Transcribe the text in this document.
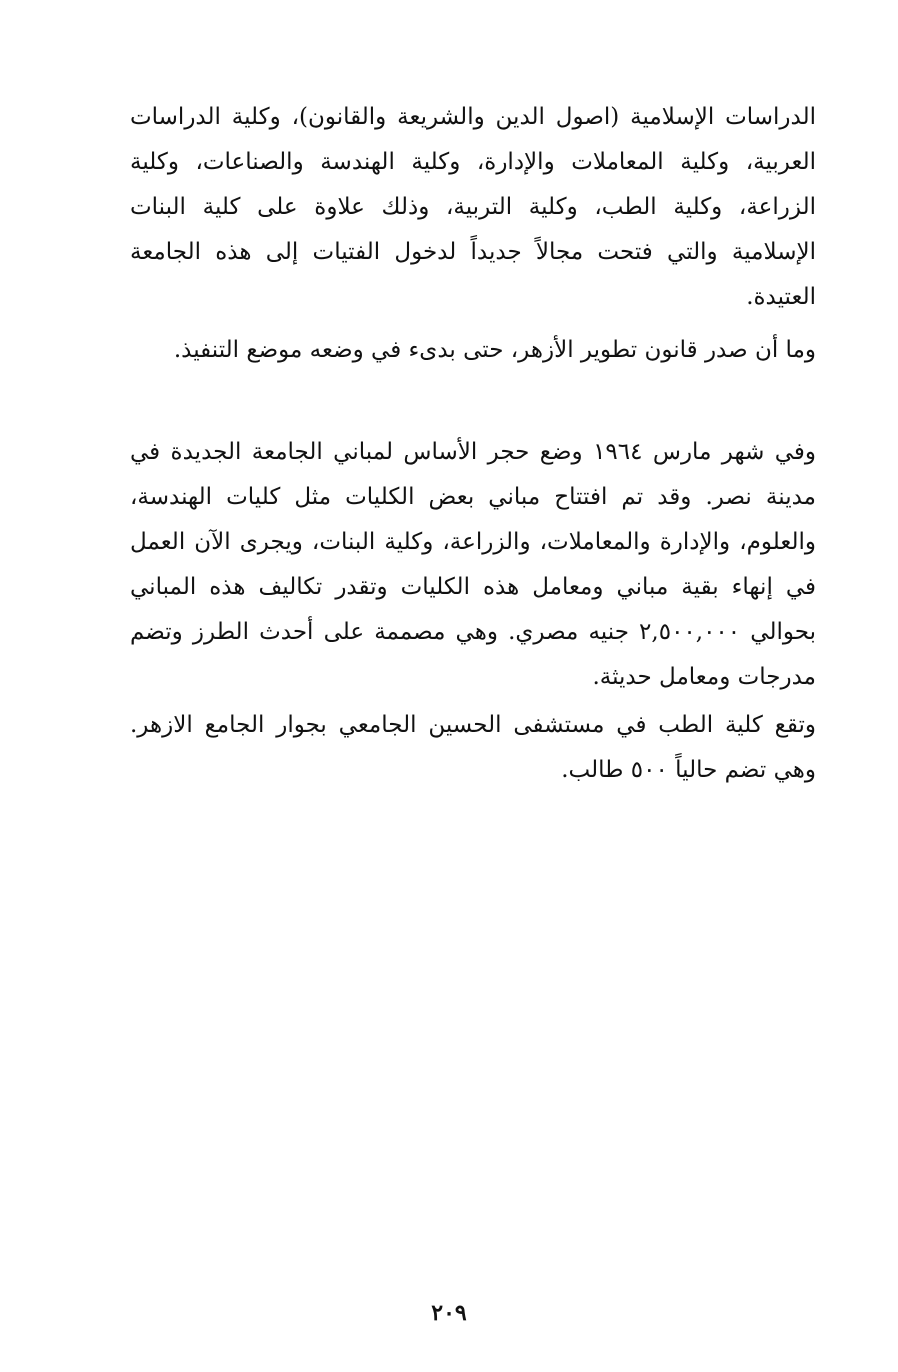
الدراسات الإسلامية (اصول الدين والشريعة والقانون)، وكلية الدراسات العربية، وكلية المعاملات والإدارة، وكلية الهندسة والصناعات، وكلية الزراعة، وكلية الطب، وكلية التربية، وذلك علاوة على كلية البنات الإسلامية والتي فتحت مجالاً جديداً لدخول الفتيات إلى هذه الجامعة العتيدة.

وما أن صدر قانون تطوير الأزهر، حتى بدىء في وضعه موضع التنفيذ.

وفي شهر مارس ١٩٦٤ وضع حجر الأساس لمباني الجامعة الجديدة في مدينة نصر. وقد تم افتتاح مباني بعض الكليات مثل كليات الهندسة، والعلوم، والإدارة والمعاملات، والزراعة، وكلية البنات، ويجرى الآن العمل في إنهاء بقية مباني ومعامل هذه الكليات وتقدر تكاليف هذه المباني بحوالي ٢,٥٠٠,٠٠٠ جنيه مصري. وهي مصممة على أحدث الطرز وتضم مدرجات ومعامل حديثة.

وتقع كلية الطب في مستشفى الحسين الجامعي بجوار الجامع الازهر. وهي تضم حالياً ٥٠٠ طالب.

٢٠٩
